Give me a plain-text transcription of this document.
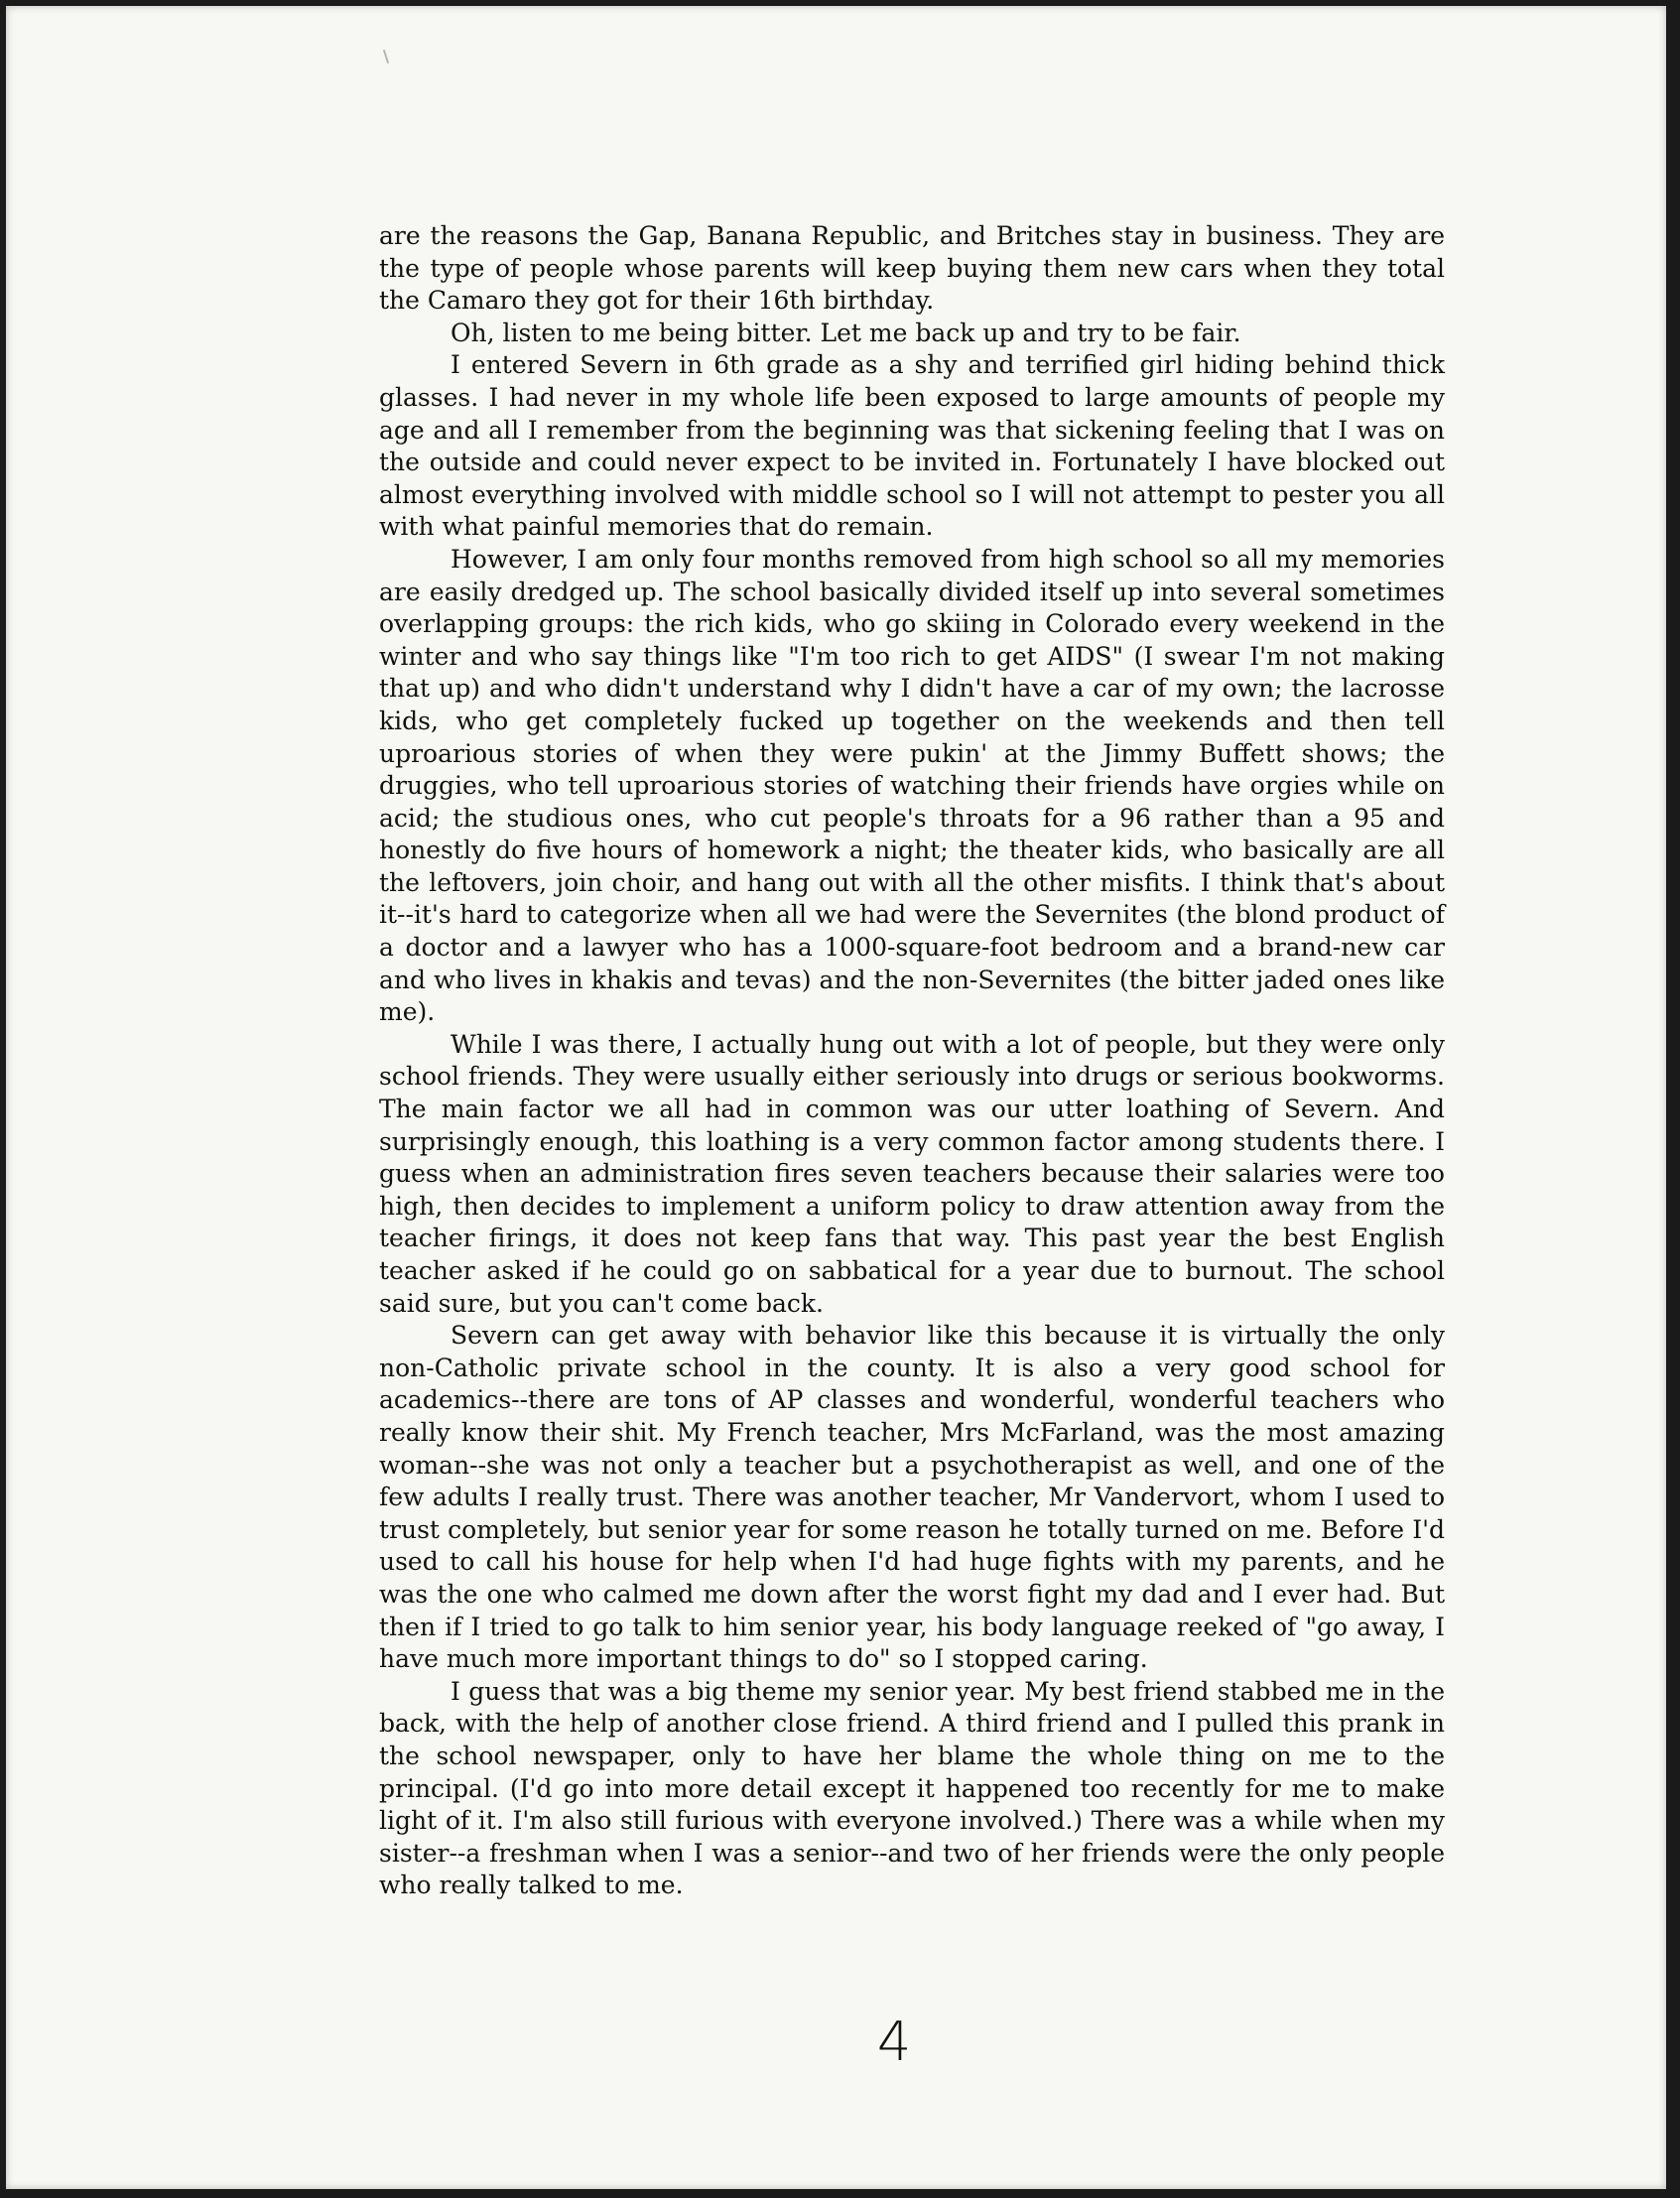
are the reasons the Gap, Banana Republic, and Britches stay in business. They are the type of people whose parents will keep buying them new cars when they total the Camaro they got for their 16th birthday.

Oh, listen to me being bitter. Let me back up and try to be fair.

I entered Severn in 6th grade as a shy and terrified girl hiding behind thick glasses. I had never in my whole life been exposed to large amounts of people my age and all I remember from the beginning was that sickening feeling that I was on the outside and could never expect to be invited in. Fortunately I have blocked out almost everything involved with middle school so I will not attempt to pester you all with what painful memories that do remain.

However, I am only four months removed from high school so all my memories are easily dredged up. The school basically divided itself up into several sometimes overlapping groups: the rich kids, who go skiing in Colorado every weekend in the winter and who say things like "I'm too rich to get AIDS" (I swear I'm not making that up) and who didn't understand why I didn't have a car of my own; the lacrosse kids, who get completely fucked up together on the weekends and then tell uproarious stories of when they were pukin' at the Jimmy Buffett shows; the druggies, who tell uproarious stories of watching their friends have orgies while on acid; the studious ones, who cut people's throats for a 96 rather than a 95 and honestly do five hours of homework a night; the theater kids, who basically are all the leftovers, join choir, and hang out with all the other misfits. I think that's about it--it's hard to categorize when all we had were the Severnites (the blond product of a doctor and a lawyer who has a 1000-square-foot bedroom and a brand-new car and who lives in khakis and tevas) and the non-Severnites (the bitter jaded ones like me).

While I was there, I actually hung out with a lot of people, but they were only school friends. They were usually either seriously into drugs or serious bookworms. The main factor we all had in common was our utter loathing of Severn. And surprisingly enough, this loathing is a very common factor among students there. I guess when an administration fires seven teachers because their salaries were too high, then decides to implement a uniform policy to draw attention away from the teacher firings, it does not keep fans that way. This past year the best English teacher asked if he could go on sabbatical for a year due to burnout. The school said sure, but you can't come back.

Severn can get away with behavior like this because it is virtually the only non-Catholic private school in the county. It is also a very good school for academics--there are tons of AP classes and wonderful, wonderful teachers who really know their shit. My French teacher, Mrs McFarland, was the most amazing woman--she was not only a teacher but a psychotherapist as well, and one of the few adults I really trust. There was another teacher, Mr Vandervort, whom I used to trust completely, but senior year for some reason he totally turned on me. Before I'd used to call his house for help when I'd had huge fights with my parents, and he was the one who calmed me down after the worst fight my dad and I ever had. But then if I tried to go talk to him senior year, his body language reeked of "go away, I have much more important things to do" so I stopped caring.

I guess that was a big theme my senior year. My best friend stabbed me in the back, with the help of another close friend. A third friend and I pulled this prank in the school newspaper, only to have her blame the whole thing on me to the principal. (I'd go into more detail except it happened too recently for me to make light of it. I'm also still furious with everyone involved.) There was a while when my sister--a freshman when I was a senior--and two of her friends were the only people who really talked to me.

4
